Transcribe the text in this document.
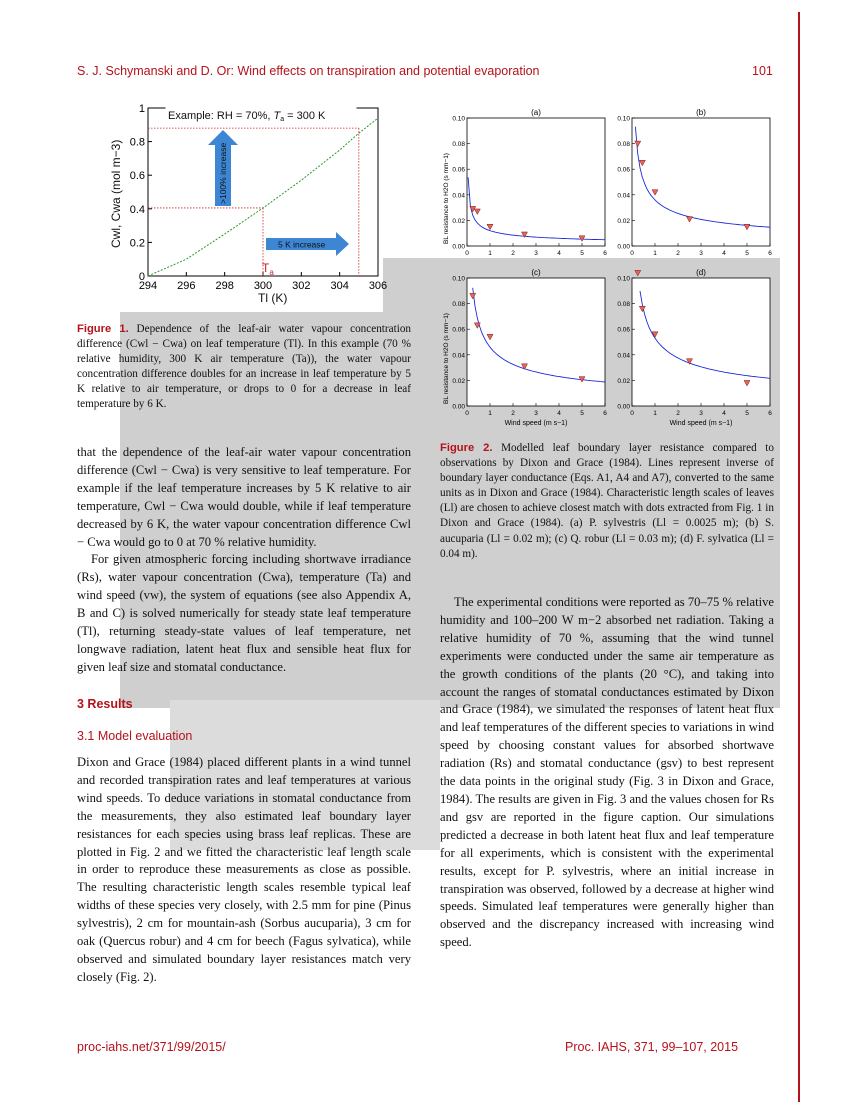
S. J. Schymanski and D. Or: Wind effects on transpiration and potential evaporation	101
294 296 298 300 302 304 306
0
0.2
0.4
0.6
0.8
1
>100% increase
5 K increase
$T_a$
Example: RH = 70%, Ta = 300 K
Cwl, Cwa (mol m−3)
Tl (K)
Figure 1. Dependence of the leaf-air water vapour concentration difference (Cwl − Cwa) on leaf temperature (Tl). In this example (70 % relative humidity, 300 K air temperature (Ta)), the water vapour concentration difference doubles for an increase in leaf temperature by 5 K relative to air temperature, or drops to 0 for a decrease in leaf temperature by 6 K.
(a)
0	1	2	3	4	5	6
0.00
0.02
0.04
0.06
0.08
0.10
BL resistance to H2O (s mm−1)
(b)
0	1	2	3	4	5	6
0.00
0.02
0.04
0.06
0.08
0.10
(c)
0	1	2	3	4	5	6
0.00
0.02
0.04
0.06
0.08
0.10
BL resistance to H2O (s mm−1)
Wind speed (m s−1)
(d)
0	1	2	3	4	5	6
0.00
0.02
0.04
0.06
0.08
0.10
Wind speed (m s−1)
Figure 2. Modelled leaf boundary layer resistance compared to observations by Dixon and Grace (1984). Lines represent inverse of boundary layer conductance (Eqs. A1, A4 and A7), converted to the same units as in Dixon and Grace (1984). Characteristic length scales of leaves (Ll) are chosen to achieve closest match with dots extracted from Fig. 1 in Dixon and Grace (1984). (a) P. sylvestris (Ll = 0.0025 m); (b) S. aucuparia (Ll = 0.02 m); (c) Q. robur (Ll = 0.03 m); (d) F. sylvatica (Ll = 0.04 m).

that the dependence of the leaf-air water vapour concentration difference (Cwl − Cwa) is very sensitive to leaf temperature. For example if the leaf temperature increases by 5 K relative to air temperature, Cwl − Cwa would double, while if leaf temperature decreased by 6 K, the water vapour concentration difference Cwl − Cwa would go to 0 at 70 % relative humidity.

For given atmospheric forcing including shortwave irradiance (Rs), water vapour concentration (Cwa), temperature (Ta) and wind speed (vw), the system of equations (see also Appendix A, B and C) is solved numerically for steady state leaf temperature (Tl), returning steady-state values of leaf temperature, net longwave radiation, latent heat flux and sensible heat flux for given leaf size and stomatal conductance.

3 Results
3.1 Model evaluation

Dixon and Grace (1984) placed different plants in a wind tunnel and recorded transpiration rates and leaf temperatures at various wind speeds. To deduce variations in stomatal conductance from the measurements, they also estimated leaf boundary layer resistances for each species using brass leaf replicas. These are plotted in Fig. 2 and we fitted the characteristic leaf length scale in order to reproduce these measurements as close as possible. The resulting characteristic length scales resemble typical leaf widths of these species very closely, with 2.5 mm for pine (Pinus sylvestris), 2 cm for mountain-ash (Sorbus aucuparia), 3 cm for oak (Quercus robur) and 4 cm for beech (Fagus sylvatica), while observed and simulated boundary layer resistances match very closely (Fig. 2).

The experimental conditions were reported as 70–75 % relative humidity and 100–200 W m−2 absorbed net radiation. Taking a relative humidity of 70 %, assuming that the wind tunnel experiments were conducted under the same air temperature as the growth conditions of the plants (20 °C), and taking into account the ranges of stomatal conductances estimated by Dixon and Grace (1984), we simulated the responses of latent heat flux and leaf temperatures of the different species to variations in wind speed by choosing constant values for absorbed shortwave radiation (Rs) and stomatal conductance (gsv) to best represent the data points in the original study (Fig. 3 in Dixon and Grace, 1984). The results are given in Fig. 3 and the values chosen for Rs and gsv are reported in the figure caption. Our simulations predicted a decrease in both latent heat flux and leaf temperature for all experiments, which is consistent with the experimental results, except for P. sylvestris, where an initial increase in transpiration was observed, followed by a decrease at higher wind speeds. Simulated leaf temperatures were generally higher than observed and the discrepancy increased with increasing wind speed.

proc-iahs.net/371/99/2015/	Proc. IAHS, 371, 99–107, 2015
